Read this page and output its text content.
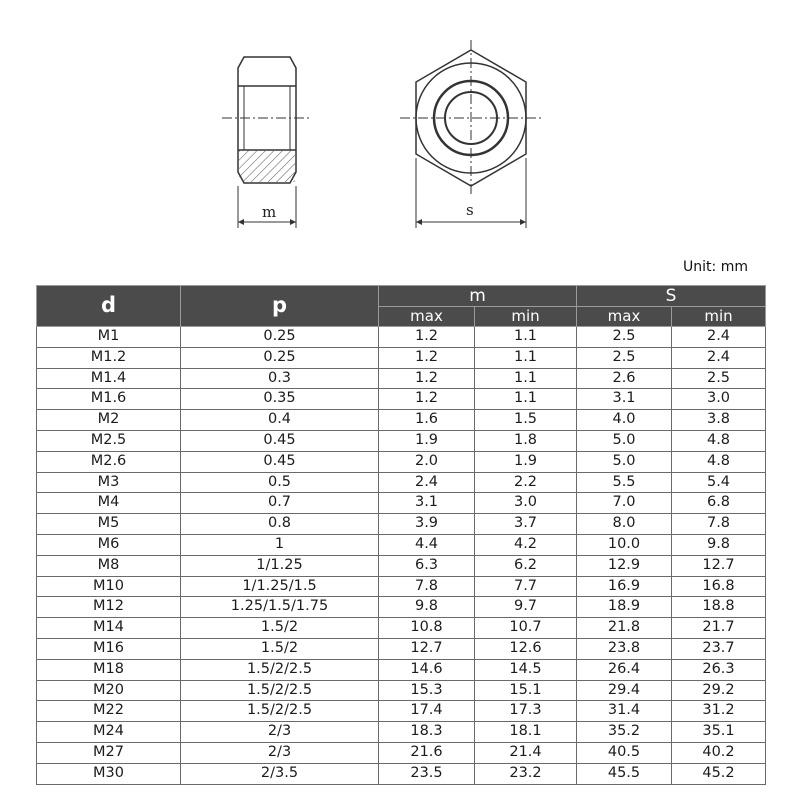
m	s
Unit: mm
d	p	m		S	
		max	min	max	min
M1	0.25	1.2	1.1	2.5	2.4
M1.2	0.25	1.2	1.1	2.5	2.4
M1.4	0.3	1.2	1.1	2.6	2.5
M1.6	0.35	1.2	1.1	3.1	3.0
M2	0.4	1.6	1.5	4.0	3.8
M2.5	0.45	1.9	1.8	5.0	4.8
M2.6	0.45	2.0	1.9	5.0	4.8
M3	0.5	2.4	2.2	5.5	5.4
M4	0.7	3.1	3.0	7.0	6.8
M5	0.8	3.9	3.7	8.0	7.8
M6	1	4.4	4.2	10.0	9.8
M8	1/1.25	6.3	6.2	12.9	12.7
M10	1/1.25/1.5	7.8	7.7	16.9	16.8
M12	1.25/1.5/1.75	9.8	9.7	18.9	18.8
M14	1.5/2	10.8	10.7	21.8	21.7
M16	1.5/2	12.7	12.6	23.8	23.7
M18	1.5/2/2.5	14.6	14.5	26.4	26.3
M20	1.5/2/2.5	15.3	15.1	29.4	29.2
M22	1.5/2/2.5	17.4	17.3	31.4	31.2
M24	2/3	18.3	18.1	35.2	35.1
M27	2/3	21.6	21.4	40.5	40.2
M30	2/3.5	23.5	23.2	45.5	45.2
